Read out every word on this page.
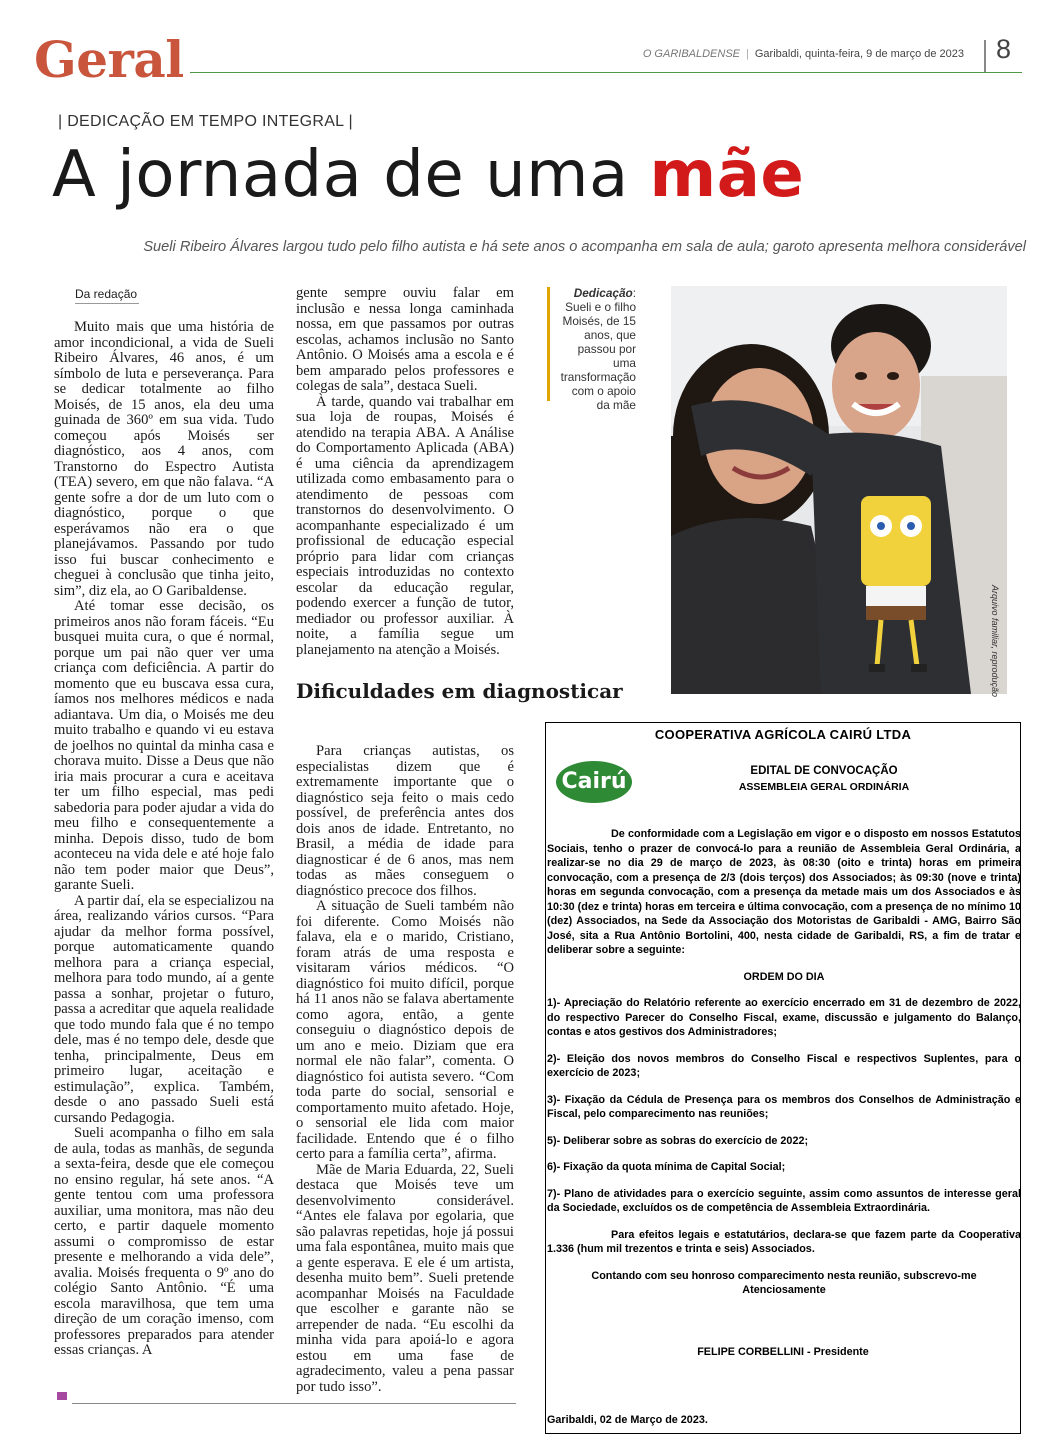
Geral	O GARIBALDENSE | Garibaldi, quinta-feira, 9 de março de 2023 8
| DEDICAÇÃO EM TEMPO INTEGRAL |
A jornada de uma mãe
Sueli Ribeiro Álvares largou tudo pelo filho autista e há sete anos o acompanha em sala de aula; garoto apresenta melhora considerável
Da redação

Muito mais que uma história de amor incondicional, a vida de Sueli Ribeiro Álvares, 46 anos, é um símbolo de luta e perseverança. Para se dedicar totalmente ao filho Moisés, de 15 anos, ela deu uma guinada de 360º em sua vida. Tudo começou após Moisés ser diagnóstico, aos 4 anos, com Transtorno do Espectro Autista (TEA) severo, em que não falava. “A gente sofre a dor de um luto com o diagnóstico, porque o que esperávamos não era o que planejávamos. Passando por tudo isso fui buscar conhecimento e cheguei à conclusão que tinha jeito, sim”, diz ela, ao O Garibaldense.

Até tomar esse decisão, os primeiros anos não foram fáceis. “Eu busquei muita cura, o que é normal, porque um pai não quer ver uma criança com deficiência. A partir do momento que eu buscava essa cura, íamos nos melhores médicos e nada adiantava. Um dia, o Moisés me deu muito trabalho e quando vi eu estava de joelhos no quintal da minha casa e chorava muito. Disse a Deus que não iria mais procurar a cura e aceitava ter um filho especial, mas pedi sabedoria para poder ajudar a vida do meu filho e consequentemente a minha. Depois disso, tudo de bom aconteceu na vida dele e até hoje falo não tem poder maior que Deus”, garante Sueli.

A partir daí, ela se especializou na área, realizando vários cursos. “Para ajudar da melhor forma possível, porque automaticamente quando melhora para a criança especial, melhora para todo mundo, aí a gente passa a sonhar, projetar o futuro, passa a acreditar que aquela realidade que todo mundo fala que é no tempo dele, mas é no tempo dele, desde que tenha, principalmente, Deus em primeiro lugar, aceitação e estimulação”, explica. Também, desde o ano passado Sueli está cursando Pedagogia.

Sueli acompanha o filho em sala de aula, todas as manhãs, de segunda a sexta-feira, desde que ele começou no ensino regular, há sete anos. “A gente tentou com uma professora auxiliar, uma monitora, mas não deu certo, e partir daquele momento assumi o compromisso de estar presente e melhorando a vida dele”, avalia. Moisés frequenta o 9º ano do colégio Santo Antônio. “É uma escola maravilhosa, que tem uma direção de um coração imenso, com professores preparados para atender essas crianças. A

gente sempre ouviu falar em inclusão e nessa longa caminhada nossa, em que passamos por outras escolas, achamos inclusão no Santo Antônio. O Moisés ama a escola e é bem amparado pelos professores e colegas de sala”, destaca Sueli.

À tarde, quando vai trabalhar em sua loja de roupas, Moisés é atendido na terapia ABA. A Análise do Comportamento Aplicada (ABA) é uma ciência da aprendizagem utilizada como embasamento para o atendimento de pessoas com transtornos do desenvolvimento. O acompanhante especializado é um profissional de educação especial próprio para lidar com crianças especiais introduzidas no contexto escolar da educação regular, podendo exercer a função de tutor, mediador ou professor auxiliar. À noite, a família segue um planejamento na atenção a Moisés.

Dificuldades em diagnosticar

Para crianças autistas, os especialistas dizem que é extremamente importante que o diagnóstico seja feito o mais cedo possível, de preferência antes dos dois anos de idade. Entretanto, no Brasil, a média de idade para diagnosticar é de 6 anos, mas nem todas as mães conseguem o diagnóstico precoce dos filhos.

A situação de Sueli também não foi diferente. Como Moisés não falava, ela e o marido, Cristiano, foram atrás de uma resposta e visitaram vários médicos. “O diagnóstico foi muito difícil, porque há 11 anos não se falava abertamente como agora, então, a gente conseguiu o diagnóstico depois de um ano e meio. Diziam que era normal ele não falar”, comenta. O diagnóstico foi autista severo. “Com toda parte do social, sensorial e comportamento muito afetado. Hoje, o sensorial ele lida com maior facilidade. Entendo que é o filho certo para a família certa”, afirma.

Mãe de Maria Eduarda, 22, Sueli destaca que Moisés teve um desenvolvimento considerável. “Antes ele falava por egolaria, que são palavras repetidas, hoje já possui uma fala espontânea, muito mais que a gente esperava. E ele é um artista, desenha muito bem”. Sueli pretende acompanhar Moisés na Faculdade que escolher e garante não se arrepender de nada. “Eu escolhi da minha vida para apoiá-lo e agora estou em uma fase de agradecimento, valeu a pena passar por tudo isso”.

Dedicação: Sueli e o filho Moisés, de 15 anos, que passou por uma transformação com o apoio da mãe
Arquivo familiar, reprodução
COOPERATIVA AGRÍCOLA CAIRÚ LTDA
Cairú	EDITAL DE CONVOCAÇÃO
ASSEMBLEIA GERAL ORDINÁRIA

De conformidade com a Legislação em vigor e o disposto em nossos Estatutos Sociais, tenho o prazer de convocá-lo para a reunião de Assembleia Geral Ordinária, a realizar-se no dia 29 de março de 2023, às 08:30 (oito e trinta) horas em primeira convocação, com a presença de 2/3 (dois terços) dos Associados; às 09:30 (nove e trinta) horas em segunda convocação, com a presença da metade mais um dos Associados e às 10:30 (dez e trinta) horas em terceira e última convocação, com a presença de no mínimo 10 (dez) Associados, na Sede da Associação dos Motoristas de Garibaldi - AMG, Bairro São José, sita a Rua Antônio Bortolini, 400, nesta cidade de Garibaldi, RS, a fim de tratar e deliberar sobre a seguinte:

ORDEM DO DIA

1)- Apreciação do Relatório referente ao exercício encerrado em 31 de dezembro de 2022, do respectivo Parecer do Conselho Fiscal, exame, discussão e julgamento do Balanço, contas e atos gestivos dos Administradores;

2)- Eleição dos novos membros do Conselho Fiscal e respectivos Suplentes, para o exercício de 2023;

3)- Fixação da Cédula de Presença para os membros dos Conselhos de Administração e Fiscal, pelo comparecimento nas reuniões;

5)- Deliberar sobre as sobras do exercício de 2022;

6)- Fixação da quota mínima de Capital Social;

7)- Plano de atividades para o exercício seguinte, assim como assuntos de interesse geral da Sociedade, excluídos os de competência de Assembleia Extraordinária.

Para efeitos legais e estatutários, declara-se que fazem parte da Cooperativa 1.336 (hum mil trezentos e trinta e seis) Associados.

Contando com seu honroso comparecimento nesta reunião, subscrevo-me

Atenciosamente

FELIPE CORBELLINI - Presidente
Garibaldi, 02 de Março de 2023.
